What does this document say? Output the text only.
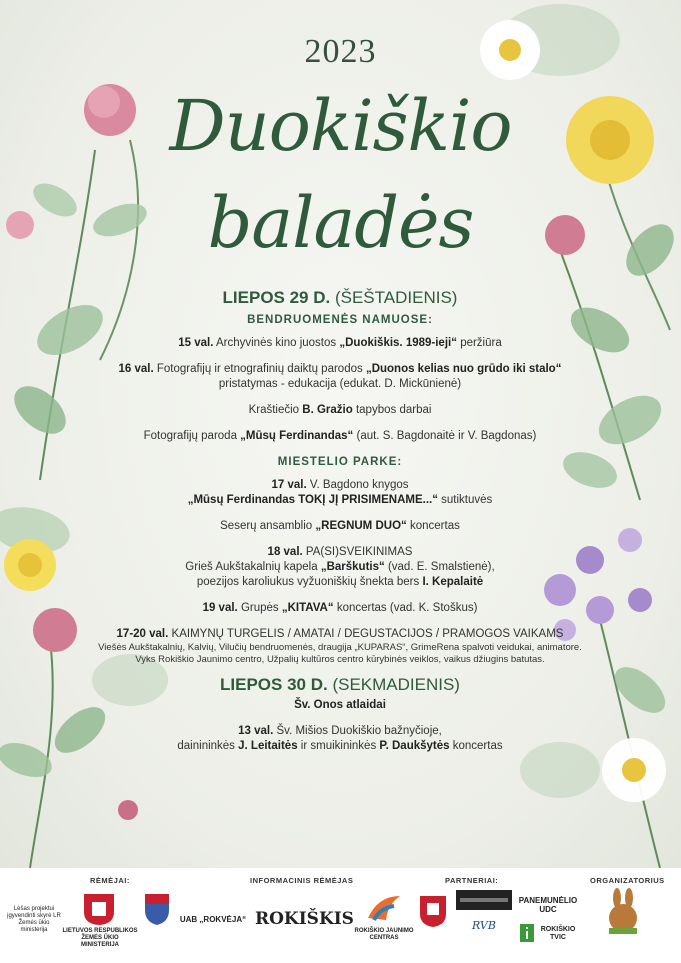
2023
Duokiškio
baladės
LIEPOS 29 D. (ŠEŠTADIENIS)
BENDRUOMENĖS NAMUOSE:
15 val. Archyvinės kino juostos „Duokiškis. 1989-ieji“ peržiūra
16 val. Fotografijų ir etnografinių daiktų parodos „Duonos kelias nuo grūdo iki stalo“
pristatymas - edukacija (edukat. D. Mickūnienė)
Kraštiečio B. Gražio tapybos darbai
Fotografijų paroda „Mūsų Ferdinandas“ (aut. S. Bagdonaitė ir V. Bagdonas)
MIESTELIO PARKE:
17 val. V. Bagdono knygos
„Mūsų Ferdinandas TOKĮ JĮ PRISIMENAME...“ sutiktuvės
Seserų ansamblio „REGNUM DUO“ koncertas
18 val. PA(SI)SVEIKINIMAS
Grieš Aukštakalnių kapela „Barškutis“ (vad. E. Smalstienė),
poezijos karoliukus vyžuoniškių šnekta bers I. Kepalaitė
19 val. Grupės „KITAVA“ koncertas (vad. K. Stoškus)
17-20 val. KAIMYNŲ TURGELIS / AMATAI / DEGUSTACIJOS / PRAMOGOS VAIKAMS
Viešės Aukštakalnių, Kalvių, Vilučių bendruomenės, draugija „KUPARAS“, GrimeRena spalvoti veidukai, animatore. Vyks Rokiškio Jaunimo centro, Užpalių kultūros centro kūrybinės veiklos, vaikus džiugins batutas.
LIEPOS 30 D. (SEKMADIENIS)
Šv. Onos atlaidai
13 val. Šv. Mišios Duokiškio bažnyčioje,
dainininkės J. Leitaitės ir smuikininkės P. Daukšytės koncertas
RĖMĖJAI:	INFORMACINIS RĖMĖJAS	PARTNERIAI:	ORGANIZATORIUS
Lėšas projektui įgyvendinti skyrė LR Žemės ūkio ministerija	LIETUVOS RESPUBLIKOS ŽEMĖS ŪKIO MINISTERIJA
UAB „ROKVĖJA“ ROKIŠKIS
ROKIŠKIO JAUNIMO CENTRAS
RVB
PANEMUNĖLIO UDC
ROKIŠKIO TVIC
